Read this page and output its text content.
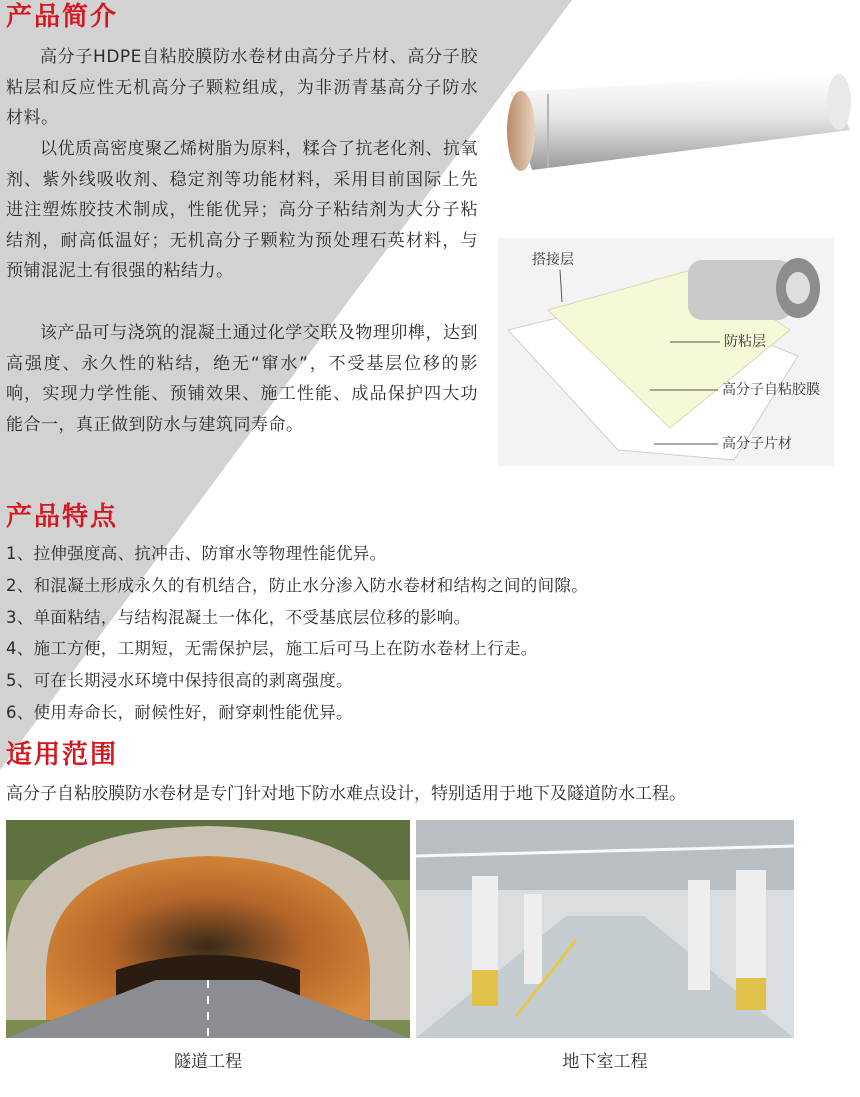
产品简介

高分子HDPE自粘胶膜防水卷材由高分子片材、高分子胶粘层和反应性无机高分子颗粒组成，为非沥青基高分子防水材料。

以优质高密度聚乙烯树脂为原料，糅合了抗老化剂、抗氧剂、紫外线吸收剂、稳定剂等功能材料，采用目前国际上先进注塑炼胶技术制成，性能优异；高分子粘结剂为大分子粘结剂，耐高低温好；无机高分子颗粒为预处理石英材料，与预铺混泥土有很强的粘结力。

该产品可与浇筑的混凝土通过化学交联及物理卯榫，达到高强度、永久性的粘结，绝无“窜水”，不受基层位移的影响，实现力学性能、预铺效果、施工性能、成品保护四大功能合一，真正做到防水与建筑同寿命。

搭接层
防粘层
高分子自粘胶膜
高分子片材
产品特点
1、拉伸强度高、抗冲击、防窜水等物理性能优异。
2、和混凝土形成永久的有机结合，防止水分渗入防水卷材和结构之间的间隙。
3、单面粘结，与结构混凝土一体化，不受基底层位移的影响。
4、施工方便，工期短，无需保护层，施工后可马上在防水卷材上行走。
5、可在长期浸水环境中保持很高的剥离强度。
6、使用寿命长，耐候性好，耐穿刺性能优异。
适用范围

高分子自粘胶膜防水卷材是专门针对地下防水难点设计，特别适用于地下及隧道防水工程。

隧道工程	地下室工程
